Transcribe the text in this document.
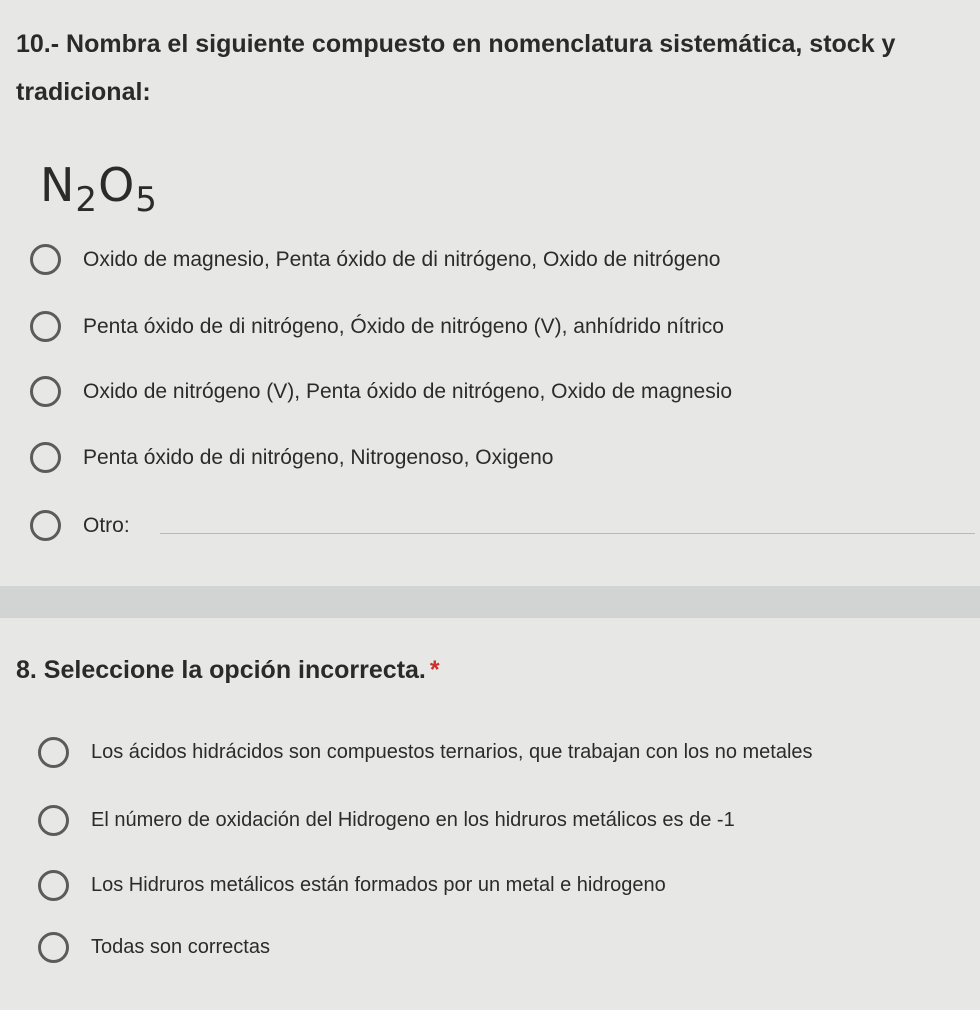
10.- Nombra el siguiente compuesto en nomenclatura sistemática, stock y tradicional:
$N_2O_5$
Oxido de magnesio, Penta óxido de di nitrógeno, Oxido de nitrógeno
Penta óxido de di nitrógeno, Óxido de nitrógeno (V), anhídrido nítrico
Oxido de nitrógeno (V), Penta óxido de nitrógeno, Oxido de magnesio
Penta óxido de di nitrógeno, Nitrogenoso, Oxigeno
Otro:
8. Seleccione la opción incorrecta. *
Los ácidos hidrácidos son compuestos ternarios, que trabajan con los no metales
El número de oxidación del Hidrogeno en los hidruros metálicos es de -1
Los Hidruros metálicos están formados por un metal e hidrogeno
Todas son correctas
